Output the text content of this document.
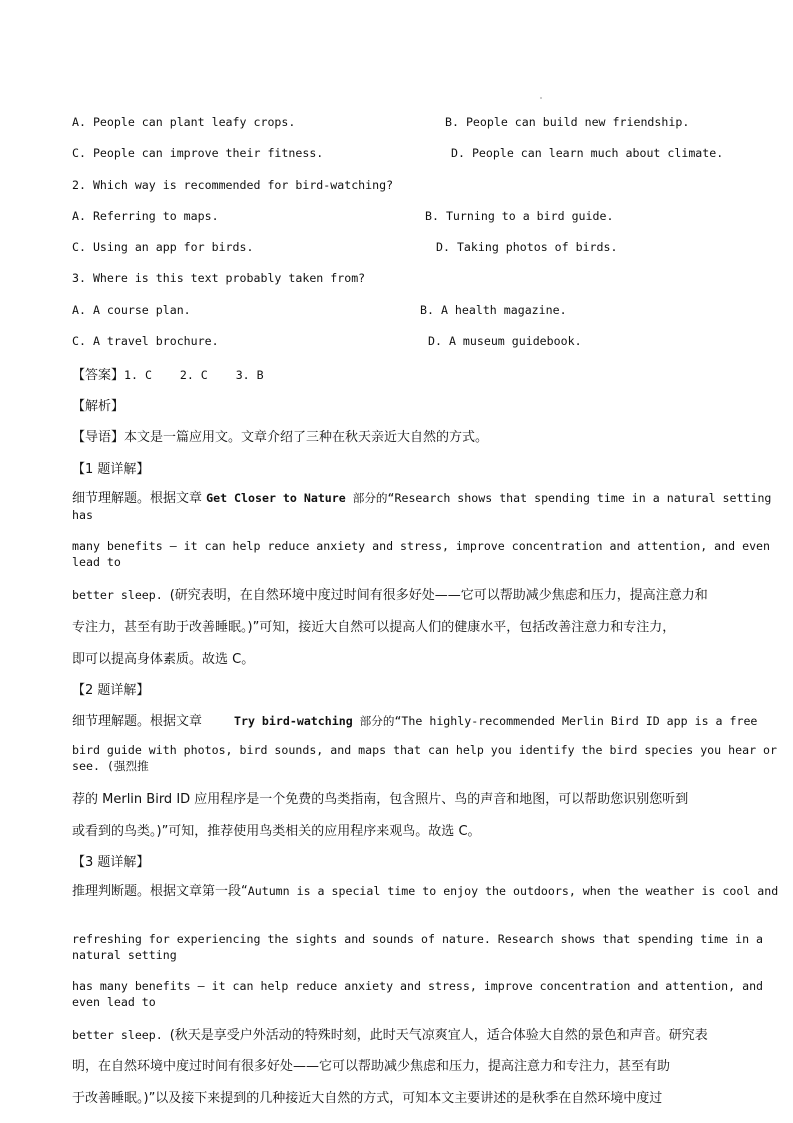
A. People can plant leafy crops.	B. People can build new friendship.
C. People can improve their fitness.	D. People can learn much about climate.
2. Which way is recommended for bird-watching?
A. Referring to maps.	B. Turning to a bird guide.
C. Using an app for birds.	D. Taking photos of birds.
3. Where is this text probably taken from?
A. A course plan.	B. A health magazine.
C. A travel brochure.	D. A museum guidebook.
【答案】1. C    2. C    3. B
【解析】
【导语】本文是一篇应用文。文章介绍了三种在秋天亲近大自然的方式。
【1 题详解】
细节理解题。根据文章 Get Closer to Nature 部分的“Research shows that spending time in a natural setting has
many benefits — it can help reduce anxiety and stress, improve concentration and attention, and even lead to
better sleep. (研究表明，在自然环境中度过时间有很多好处——它可以帮助减少焦虑和压力，提高注意力和
专注力，甚至有助于改善睡眠。)”可知，接近大自然可以提高人们的健康水平，包括改善注意力和专注力，
即可以提高身体素质。故选 C。
【2 题详解】
细节理解题。根据文章	Try bird-watching 部分的“The highly-recommended Merlin Bird ID app is a free
bird guide with photos, bird sounds, and maps that can help you identify the bird species you hear or see. (强烈推
荐的 Merlin Bird ID 应用程序是一个免费的鸟类指南，包含照片、鸟的声音和地图，可以帮助您识别您听到
或看到的鸟类。)”可知，推荐使用鸟类相关的应用程序来观鸟。故选 C。
【3 题详解】
推理判断题。根据文章第一段“Autumn is a special time to enjoy the outdoors, when the weather is cool and
refreshing for experiencing the sights and sounds of nature. Research shows that spending time in a natural setting
has many benefits — it can help reduce anxiety and stress, improve concentration and attention, and even lead to
better sleep. (秋天是享受户外活动的特殊时刻，此时天气凉爽宜人，适合体验大自然的景色和声音。研究表
明，在自然环境中度过时间有很多好处——它可以帮助减少焦虑和压力，提高注意力和专注力，甚至有助
于改善睡眠。)”以及接下来提到的几种接近大自然的方式，可知本文主要讲述的是秋季在自然环境中度过
